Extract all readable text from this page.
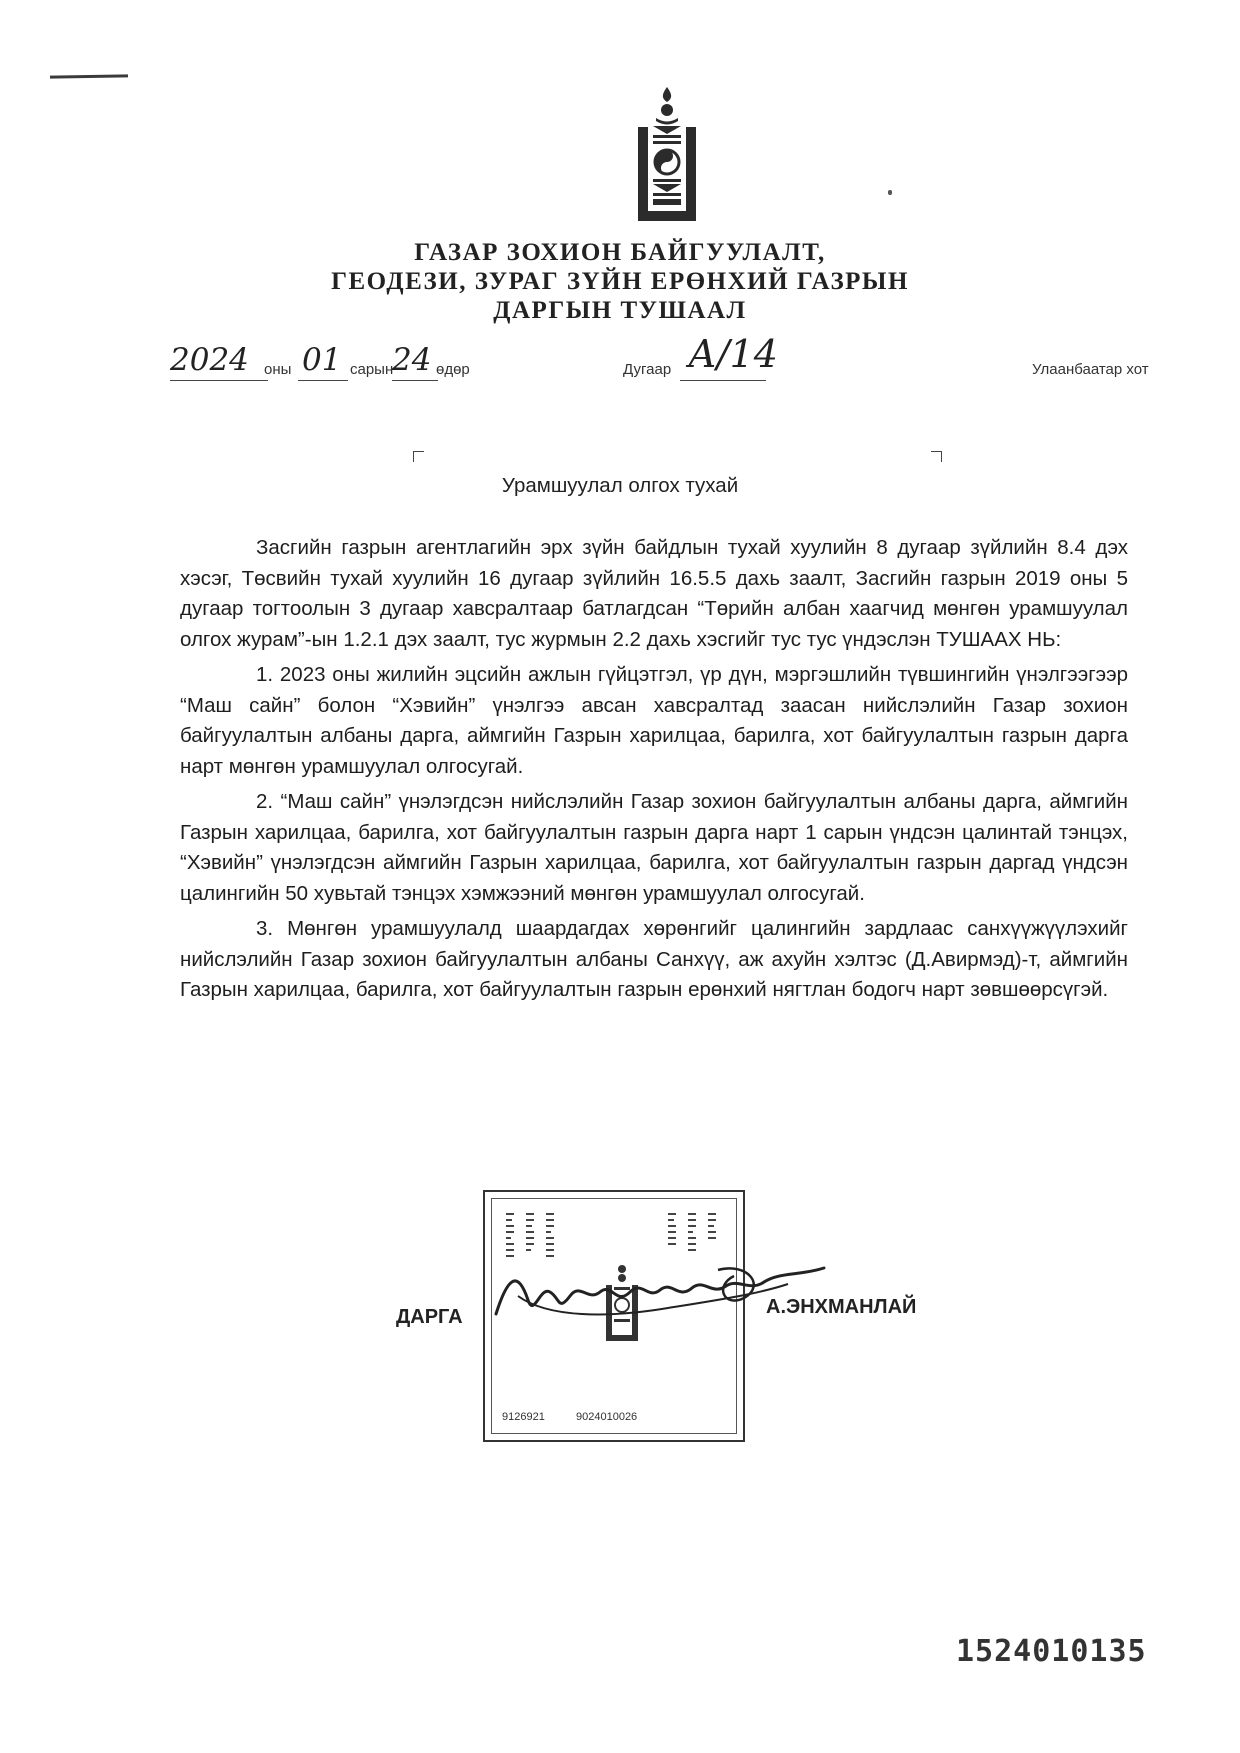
ГАЗАР ЗОХИОН БАЙГУУЛАЛТ,
ГЕОДЕЗИ, ЗУРАГ ЗҮЙН ЕРӨНХИЙ ГАЗРЫН
ДАРГЫН ТУШААЛ
2024 оны 01 сарын
24 өдөр	Дугаар А/14	Улаанбаатар хот
Урамшуулал олгох тухай

Засгийн газрын агентлагийн эрх зүйн байдлын тухай хуулийн 8 дугаар зүйлийн 8.4 дэх хэсэг, Төсвийн тухай хуулийн 16 дугаар зүйлийн 16.5.5 дахь заалт, Засгийн газрын 2019 оны 5 дугаар тогтоолын 3 дугаар хавсралтаар батлагдсан “Төрийн албан хаагчид мөнгөн урамшуулал олгох журам”-ын 1.2.1 дэх заалт, тус журмын 2.2 дахь хэсгийг тус тус үндэслэн ТУШААХ НЬ:

1. 2023 оны жилийн эцсийн ажлын гүйцэтгэл, үр дүн, мэргэшлийн түвшингийн үнэлгээгээр “Маш сайн” болон “Хэвийн” үнэлгээ авсан хавсралтад заасан нийслэлийн Газар зохион байгуулалтын албаны дарга, аймгийн Газрын харилцаа, барилга, хот байгуулалтын газрын дарга нарт мөнгөн урамшуулал олгосугай.

2. “Маш сайн” үнэлэгдсэн нийслэлийн Газар зохион байгуулалтын албаны дарга, аймгийн Газрын харилцаа, барилга, хот байгуулалтын газрын дарга нарт 1 сарын үндсэн цалинтай тэнцэх, “Хэвийн” үнэлэгдсэн аймгийн Газрын харилцаа, барилга, хот байгуулалтын газрын даргад үндсэн цалингийн 50 хувьтай тэнцэх хэмжээний мөнгөн урамшуулал олгосугай.

3. Мөнгөн урамшуулалд шаардагдах хөрөнгийг цалингийн зардлаас санхүүжүүлэхийг нийслэлийн Газар зохион байгуулалтын албаны Санхүү, аж ахуйн хэлтэс (Д.Авирмэд)-т, аймгийн Газрын харилцаа, барилга, хот байгуулалтын газрын ерөнхий нягтлан бодогч нарт зөвшөөрсүгэй.

9126921	9024010026
ДАРГА	А.ЭНХМАНЛАЙ
1524010135
